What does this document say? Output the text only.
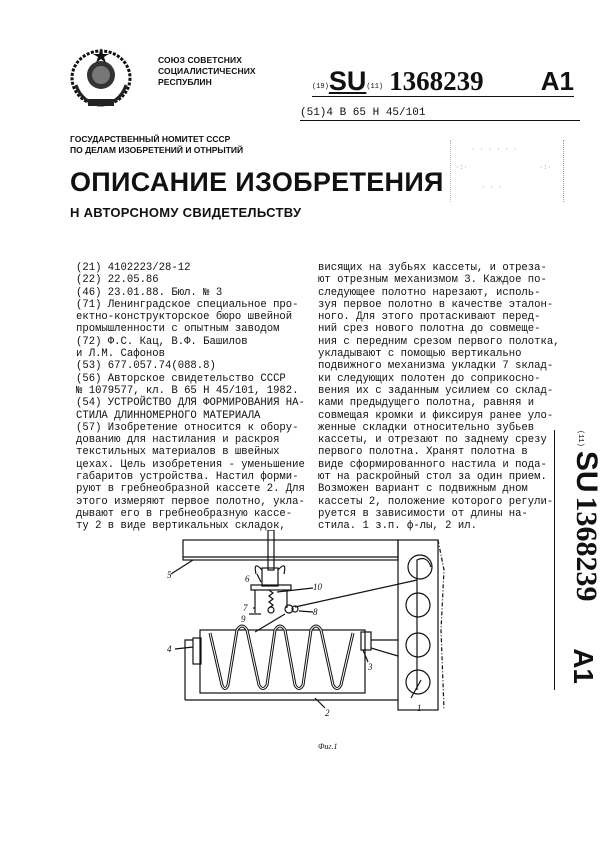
СОЮЗ СОВЕТСНИХ
СОЦИАЛИСТИЧЕСНИХ
РЕСПУБЛИН	(19)SU(11) 1368239 A1
(51)4 В 65 Н 45/101
ГОСУДАРСТВЕННЫЙ НОМИТЕТ СССР
ПО ДЕЛАМ ИЗОБРЕТЕНИЙ И ОТНРЫТИЙ	· · · · · ·
·:·	·:·
· · ·
ОПИСАНИЕ ИЗОБРЕТЕНИЯ
Н АВТОРСНОМУ СВИДЕТЕЛЬСТВУ
(21) 4102223/28-12
(22) 22.05.86
(46) 23.01.88. Бюл. № 3
(71) Ленинградское специальное про-
ектно-конструкторское бюро швейной
промышленности с опытным заводом
(72) Ф.С. Кац, В.Ф. Башилов
и Л.М. Сафонов
(53) 677.057.74(088.8)
(56) Авторское свидетельство СССР
№ 1079577, кл. В 65 Н 45/101, 1982.
(54) УСТРОЙСТВО ДЛЯ ФОРМИРОВАНИЯ НА-
СТИЛА ДЛИННОМЕРНОГО МАТЕРИАЛА
(57) Изобретение относится к обору-
дованию для настилания и раскроя
текстильных материалов в швейных
цехах. Цель изобретения - уменьшение
габаритов устройства. Настил форми-
руют в гребнеобразной кассете 2. Для
этого измеряют первое полотно, укла-
дывают его в гребнеобразную кассе-
ту 2 в виде вертикальных складок,
висящих на зубьях кассеты, и отреза-
ют отрезным механизмом 3. Каждое по-
следующее полотно нарезают, исполь-
зуя первое полотно в качестве эталон-
ного. Для этого протаскивают перед-
ний срез нового полотна до совмеще-
ния с передним срезом первого полотка,
укладывают с помощью вертикально
подвижного механизма укладки 7 sклад-
ки следующих полотен до соприкосно-
вения их с заданным усилием со склад-
ками предыдущего полотна, равняя и
совмещая кромки и фиксируя ранее уло-
женные складки относительно зубьев
кассеты, и отрезают по заднему срезу
первого полотна. Хранят полотна в
виде сформированного настила и пода-
ют на раскройный стол за один прием.
Возможен вариант с подвижным дном
кассеты 2, положение которого регули-
руется в зависимости от длины на-
стила. 1 з.п. ф-лы, 2 ил.
(11) SU 1368239
A1
1
2
3
4
5	6
7	8
9
10
Фиг.1
